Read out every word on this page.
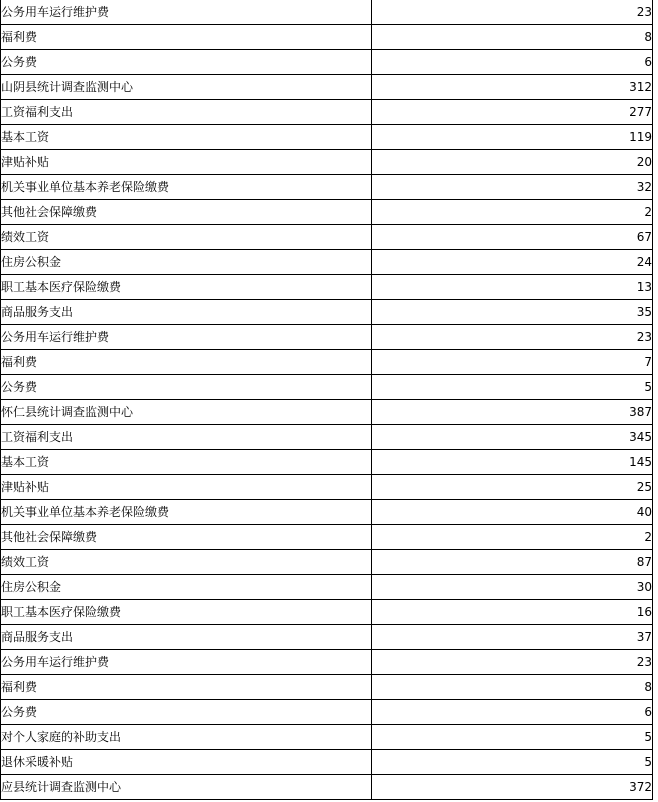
公务用车运行维护费	23
福利费	8
公务费	6
山阴县统计调查监测中心	312
工资福利支出	277
基本工资	119
津贴补贴	20
机关事业单位基本养老保险缴费	32
其他社会保障缴费	2
绩效工资	67
住房公积金	24
职工基本医疗保险缴费	13
商品服务支出	35
公务用车运行维护费	23
福利费	7
公务费	5
怀仁县统计调查监测中心	387
工资福利支出	345
基本工资	145
津贴补贴	25
机关事业单位基本养老保险缴费	40
其他社会保障缴费	2
绩效工资	87
住房公积金	30
职工基本医疗保险缴费	16
商品服务支出	37
公务用车运行维护费	23
福利费	8
公务费	6
对个人家庭的补助支出	5
退休采暖补贴	5
应县统计调查监测中心	372
